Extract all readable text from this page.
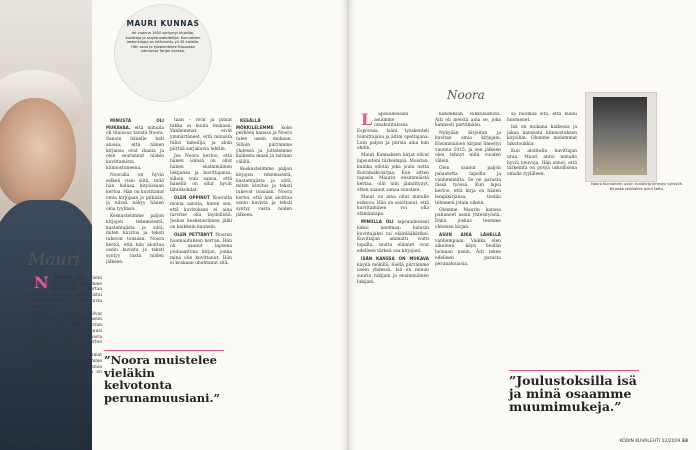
MAURI KUNNAS
on vuonna 1950 syntynyt kirjailija, kuvittaja ja sarjakuvataiteilija. Kunnaksen lastenkirjoja on käännetty yli 35 kielelle. Hän asuu ja työskentelee Espoossa vaimonsa Tarjan kanssa.

MINUSTA OLI MUKAVAA, että minulla oli tilaisuus tavata Noora. Sanoin hänelle heti alussa, että hänen kirjansa ovat ihania ja olen seurannut niiden kuvittamista kiinnostuneena.

Nooralla on hyvin selkeä visio siitä, mitä hän haluaa kirjoissaan kertoa. Hän on kuvittanut omia kirjojaan jo pitkään, ja niissä näkyy hänen oma tyylinsä.

Keskustelimme paljon kirjojen tekemisestä, kustantajista ja siitä, miten kuvitus ja teksti tukevat toisiaan. Noora kertoi, että hän aloittaa usein kuvista ja teksti syntyy vasta niiden jälkeen.

taan – rock ja pitkät tukka ei kuulu mukaan. Vanhemmat eivät ymmärtäneet, että minusta tulisi taiteilija, ja aloin piirtää sarjakuvia lehtiin.

Jos Noora kertoo, että hänen isänsä on ollut hänen ensimmäinen lukijansa ja kuvittajansa, silloin voin sanoa, että hänellä on ollut hyvät lähtökohdat.

OLEN OPPINUT Nooralta monia asioita, kuten sen, että kuvituksen ei aina tarvitse olla täydellistä. Joskus keskeneräinen jälki on kaikkein kaunein.

OLEN PETTÄNYT Nooran huomautuksen kerran. Hän oli saanut lapsena jouluaattona kirjan, jonka minä olin kuvittanut. Hän ei koskaan unohtanut sitä.

Mauri

N NOORA OLI pieni tyttö, kun kävimme ensimmäistä kertaa heidän luonaan. Hän istui pöydän ääressä ja piirsi kuvia koko illan.

Nooran vanhemmat olivat ystäviämme ja kävimme usein kylässä. Minä tein kerran ruokaa, ja perunamuusi epäonnistui pahasti. Noora muistaa sen vieläkin ja kertoo siitä aina, kun tapaamme.

Nykyään olemme molemmat kuvittajia, ja keskustelemme usein työstämme. On hienoa nähdä, miten Nooran ura on kehittynyt.

”Noora muistelee vieläkin kelvotonta perunamuusiani.”

KESÄLLÄ MÖKKILELEMME koko perheen kanssa ja Noora tulee usein mukaan. Silloin piirrämme yhdessä ja juttelemme kaikesta maan ja taivaan välillä.

Keskustelimme paljon kirjojen tekemisestä, kustantajista ja siitä, miten kuvitus ja teksti tukevat toisiaan. Noora kertoi, että hän aloittaa usein kuvista ja teksti syntyy vasta niiden jälkeen.

32 KODIN KUVALEHTI 12/2019
Noora

L apsuudessani asuimme omakotitalossa Espoossa. Isäni työskenteli toimittajana ja äitini opettajana. Luin paljon ja piirsin aina kun ehdin.

Mauri Kunnaksen kirjat olivat lapsuuteni tärkeimpiä. Muistan, kuinka odotin joka joulu uutta Koiramäki-kirjaa. Kun sitten tapasin Maurin ensimmäistä kertaa, olin niin jännittynyt, etten saanut sanaa suustani.

Mauri on aina ollut minulle esikuva. Hän on osoittanut, että kuvittaminen voi olla elämäntapa.

MINULLA OLI lapsuudessani kaksi unelmaa: halusin kuvittajaksi tai eläinlääkäriksi. Kuvittajan ammatti voitti lopulta, mutta eläimet ovat edelleen tärkeä osa kirjojani.

ISÄN KANSSA ON MUKAVA käydä mökillä. Siellä piirrämme usein yhdessä. Isä on minun suurin tukijani ja ensimmäinen lukijani.

kahdeksan sukkulaatiota. Aiti oli meistä aina se, joka kannusti piirtämään.

Nykyään kirjoitan ja kuvitan omia kirjojani. Ensimmäinen kirjani ilmestyi vuonna 2015, ja sen jälkeen olen tehnyt niitä vuoden välein.

Olen saanut paljon palautetta lapsilta ja vanhemmilta. Se on parasta tässä työssä. Kun lapsi kertoo, että kirja on hänen lempikirjansa, tiedän tehneeni jotain oikein.

Olemme Maurin kanssa puhuneet usein yhteistyöstä. Ehkä joskus teemme yhteisen kirjan.

ASUN AIKA LÄHELLÄ vanhempiani. Vaikka olen aikuinen, käyn heidän luonaan usein. Äiti tekee edelleen parasta perunamuusia.

sa huomaa sitä, että kuulu huomenet.

Isä on mukana kaikessa ja jakaa kanssani kiinnostuksen kirjoihin. Olemme molemmat lukutoukkia.

Kun aloittelin kuvittajan uraa, Mauri antoi minulle hyviä neuvoja. Hän sanoi, että tärkeintä on pysyä uskollisena omalle tyylilleen.

”Joulustoksilla isä ja minä osaamme muumimukeja.”
KODIN KUVALEHTI 12/2019 33
Noora Kunnaksen uusin kuvakirja ilmestyi syksyllä. Kirjassa seikkailee pieni kettu.
